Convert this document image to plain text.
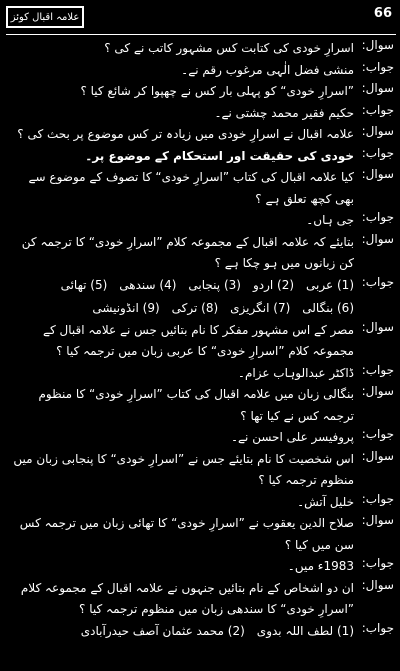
علامہ اقبال کوئز	66
سوال:
اسرارِ خودی کی کتابت کس مشہور کاتب نے کی ؟
جواب:
منشی فضل الٰہی مرغوب رقم نے۔
سوال:
”اسرارِ خودی“ کو پہلی بار کس نے چھپوا کر شائع کیا ؟
جواب:
حکیم فقیر محمد چشتی نے۔
سوال:
علامہ اقبال نے اسرارِ خودی میں زیادہ تر کس موضوع پر بحث کی ؟
جواب:
خودی کی حقیقت اور استحکام کے موضوع پر۔
سوال:
کیا علامہ اقبال کی کتاب ”اسرارِ خودی“ کا تصوف کے موضوع سے بھی کچھ تعلق ہے ؟
جواب:
جی ہاں۔
سوال:
بتایئے کہ علامہ اقبال کے مجموعہ کلام ”اسرارِ خودی“ کا ترجمہ کن کن زبانوں میں ہو چکا ہے ؟
جواب:
(1) عربی
(2) اردو
(3) پنجابی
(4) سندھی
(5) تھائی
(6) بنگالی
(7) انگریزی
(8) ترکی
(9) انڈونیشی
سوال:
مصر کے اس مشہور مفکر کا نام بتائیں جس نے علامہ اقبال کے مجموعہ کلام ”اسرارِ خودی“ کا عربی زبان میں ترجمہ کیا ؟
جواب:
ڈاکٹر عبدالوہاب عزام۔
سوال:
بنگالی زبان میں علامہ اقبال کی کتاب ”اسرارِ خودی“ کا منظوم ترجمہ کس نے کیا تھا ؟
جواب:
پروفیسر علی احسن نے۔
سوال:
اس شخصیت کا نام بتایئے جس نے ”اسرارِ خودی“ کا پنجابی زبان میں منظوم ترجمہ کیا ؟
جواب:
خلیل آتش۔
سوال:
صلاح الدین یعقوب نے ”اسرارِ خودی“ کا تھائی زبان میں ترجمہ کس سن میں کیا ؟
جواب:
1983ء میں۔
سوال:
ان دو اشخاص کے نام بتائیں جنہوں نے علامہ اقبال کے مجموعہ کلام ”اسرارِ خودی“ کا سندھی زبان میں منظوم ترجمہ کیا ؟
جواب:
(1) لطف اللہ بدوی
(2) محمد عثمان آصف حیدرآبادی
